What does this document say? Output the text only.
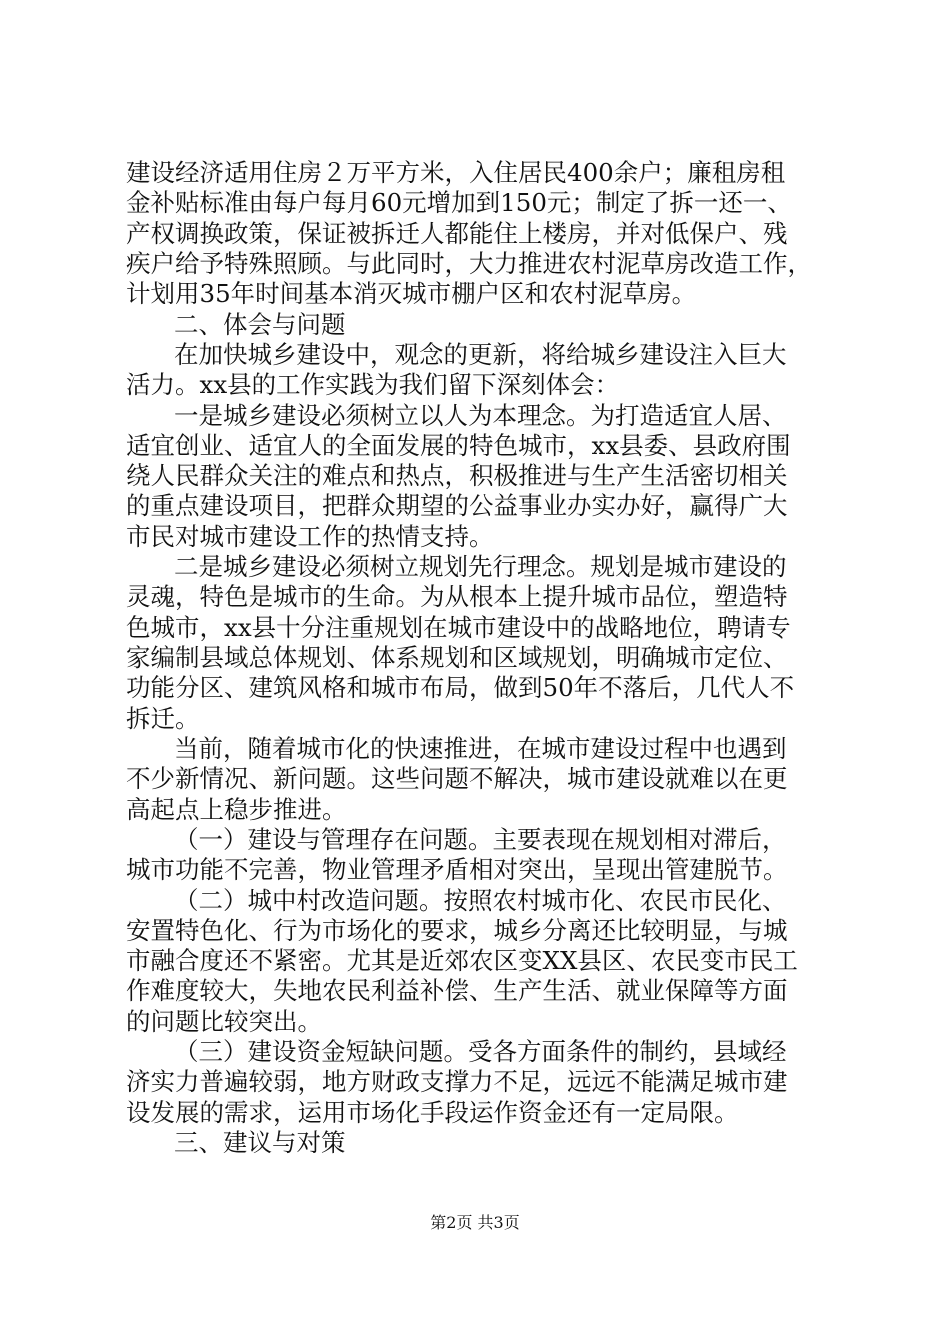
建设经济适用住房２万平方米，入住居民400余户；廉租房租
金补贴标准由每户每月60元增加到150元；制定了拆一还一、
产权调换政策，保证被拆迁人都能住上楼房，并对低保户、残
疾户给予特殊照顾。与此同时，大力推进农村泥草房改造工作，
计划用35年时间基本消灭城市棚户区和农村泥草房。
二、体会与问题
在加快城乡建设中，观念的更新，将给城乡建设注入巨大
活力。xx县的工作实践为我们留下深刻体会：
一是城乡建设必须树立以人为本理念。为打造适宜人居、
适宜创业、适宜人的全面发展的特色城市，xx县委、县政府围
绕人民群众关注的难点和热点，积极推进与生产生活密切相关
的重点建设项目，把群众期望的公益事业办实办好，赢得广大
市民对城市建设工作的热情支持。
二是城乡建设必须树立规划先行理念。规划是城市建设的
灵魂，特色是城市的生命。为从根本上提升城市品位，塑造特
色城市，xx县十分注重规划在城市建设中的战略地位，聘请专
家编制县域总体规划、体系规划和区域规划，明确城市定位、
功能分区、建筑风格和城市布局，做到50年不落后，几代人不
拆迁。
当前，随着城市化的快速推进，在城市建设过程中也遇到
不少新情况、新问题。这些问题不解决，城市建设就难以在更
高起点上稳步推进。
（一）建设与管理存在问题。主要表现在规划相对滞后，
城市功能不完善，物业管理矛盾相对突出，呈现出管建脱节。
（二）城中村改造问题。按照农村城市化、农民市民化、
安置特色化、行为市场化的要求，城乡分离还比较明显，与城
市融合度还不紧密。尤其是近郊农区变XX县区、农民变市民工
作难度较大，失地农民利益补偿、生产生活、就业保障等方面
的问题比较突出。
（三）建设资金短缺问题。受各方面条件的制约，县域经
济实力普遍较弱，地方财政支撑力不足，远远不能满足城市建
设发展的需求，运用市场化手段运作资金还有一定局限。
三、建议与对策
第2页 共3页
